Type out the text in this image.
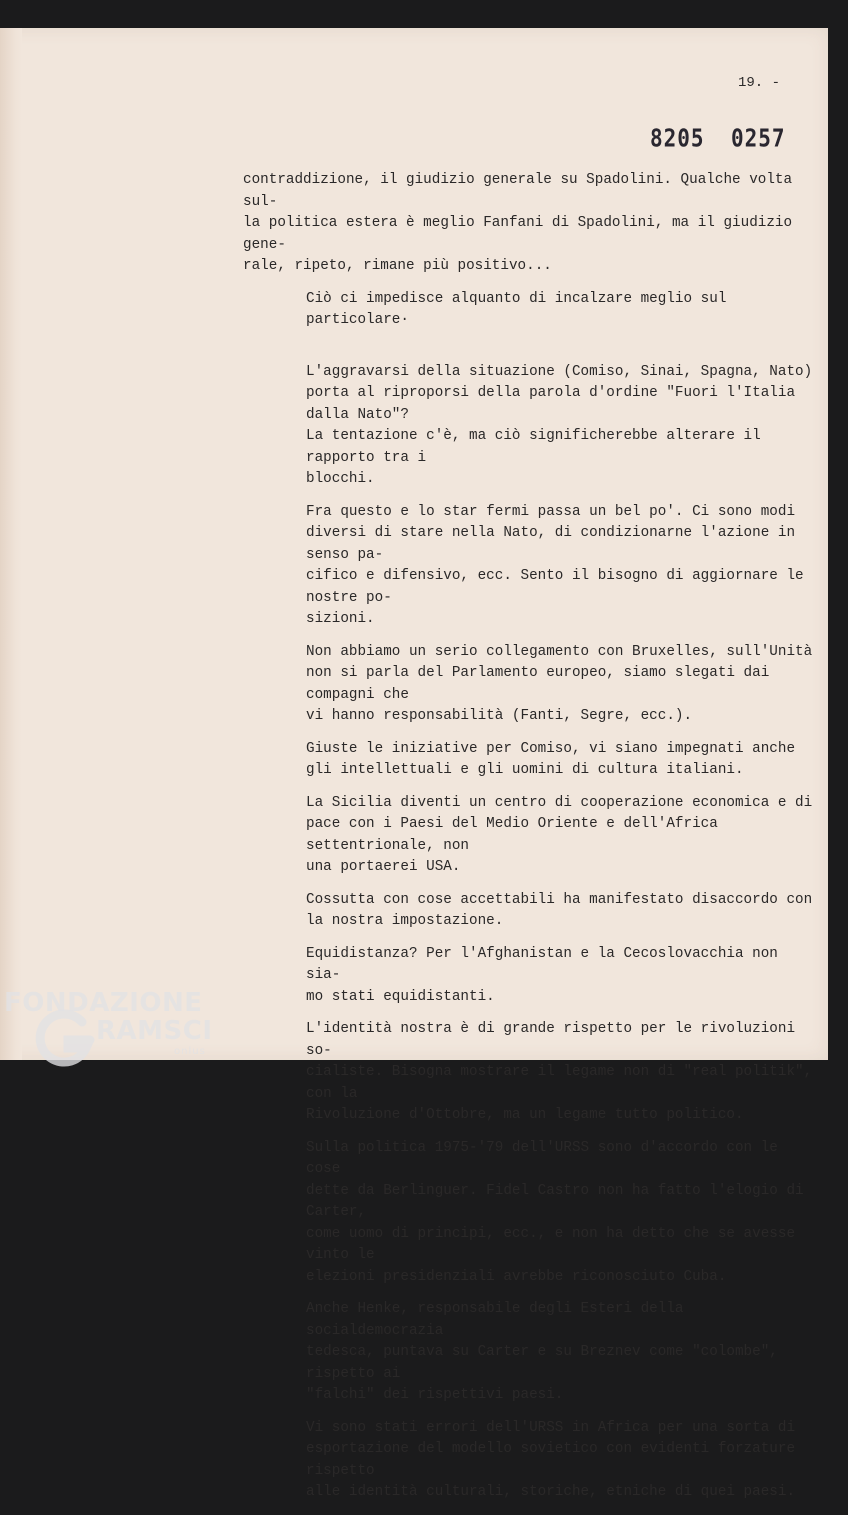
19. -

8205 0257

contraddizione, il giudizio generale su Spadolini. Qualche volta sul-
la politica estera è meglio Fanfani di Spadolini, ma il giudizio gene-
rale, ripeto, rimane più positivo...

Ciò ci impedisce alquanto di incalzare meglio sul particolare·

L'aggravarsi della situazione (Comiso, Sinai, Spagna, Nato)
porta al riproporsi della parola d'ordine "Fuori l'Italia dalla Nato"?
La tentazione c'è, ma ciò significherebbe alterare il rapporto tra i
blocchi.

Fra questo e lo star fermi passa un bel po'. Ci sono modi
diversi di stare nella Nato, di condizionarne l'azione in senso pa-
cifico e difensivo, ecc. Sento il bisogno di aggiornare le nostre po-
sizioni.

Non abbiamo un serio collegamento con Bruxelles, sull'Unità
non si parla del Parlamento europeo, siamo slegati dai compagni che
vi hanno responsabilità (Fanti, Segre, ecc.).

Giuste le iniziative per Comiso, vi siano impegnati anche
gli intellettuali e gli uomini di cultura italiani.

La Sicilia diventi un centro di cooperazione economica e di
pace con i Paesi del Medio Oriente e dell'Africa settentrionale, non
una portaerei USA.

Cossutta con cose accettabili ha manifestato disaccordo con
la nostra impostazione.

Equidistanza? Per l'Afghanistan e la Cecoslovacchia non sia-
mo stati equidistanti.

L'identità nostra è di grande rispetto per le rivoluzioni so-
cialiste. Bisogna mostrare il legame non di "real politik",  con la
Rivoluzione d'Ottobre, ma un legame tutto politico.

Sulla politica 1975-'79 dell'URSS sono d'accordo con le cose
dette da Berlinguer. Fidel Castro non ha fatto l'elogio di Carter,
come uomo di principi, ecc., e non ha detto che se avesse vinto le
elezioni presidenziali avrebbe riconosciuto Cuba.

Anche Henke, responsabile degli Esteri della socialdemocrazia
tedesca, puntava su Carter e su Breznev come "colombe", rispetto ai
"falchi" dei rispettivi paesi.

Vi sono stati errori dell'URSS in Africa per una sorta di
esportazione del modello sovietico con evidenti forzature rispetto
alle identità culturali, storiche, etniche di quei paesi.

FONDAZIONE
RAMSCI
onlus
